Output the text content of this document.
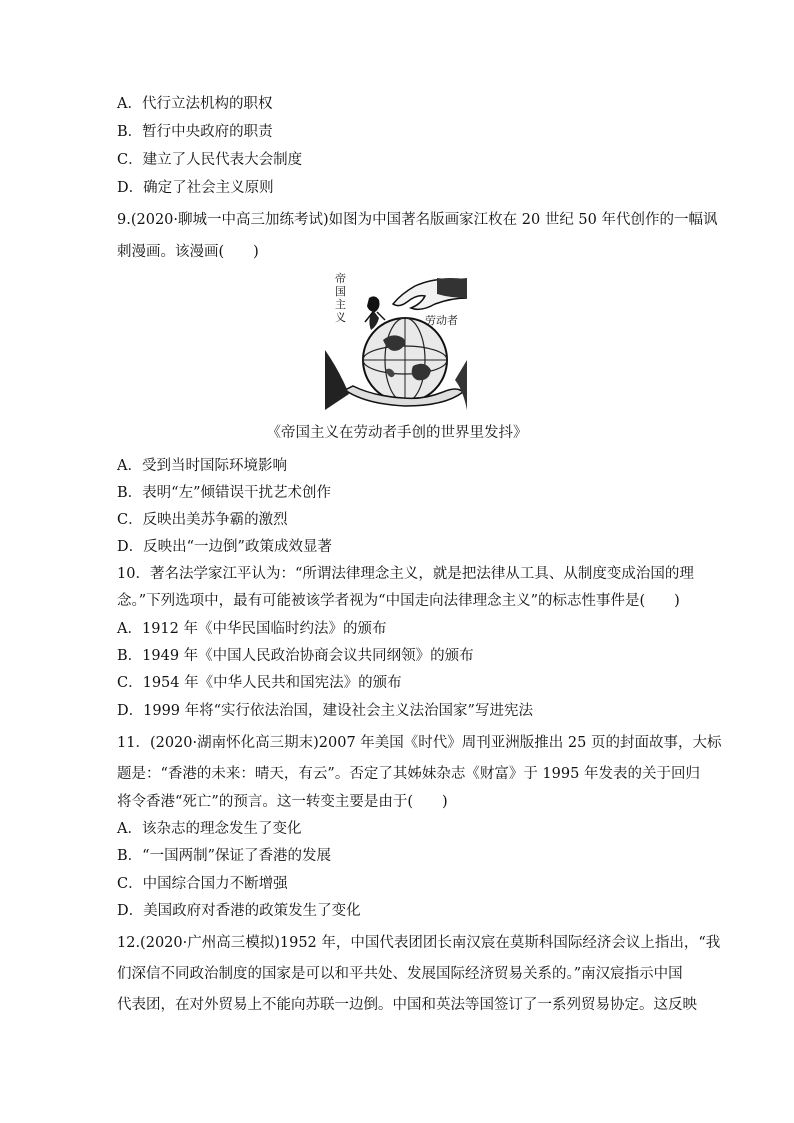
A．代行立法机构的职权
B．暂行中央政府的职责
C．建立了人民代表大会制度
D．确定了社会主义原则
9.(2020·聊城一中高三加练考试)如图为中国著名版画家江枚在 20 世纪 50 年代创作的一幅讽
刺漫画。该漫画(　　)
帝
国
主
义	劳动者
《帝国主义在劳动者手创的世界里发抖》
A．受到当时国际环境影响
B．表明“左”倾错误干扰艺术创作
C．反映出美苏争霸的激烈
D．反映出“一边倒”政策成效显著
10．著名法学家江平认为：“所谓法律理念主义，就是把法律从工具、从制度变成治国的理
念。”下列选项中，最有可能被该学者视为“中国走向法律理念主义”的标志性事件是(　　)
A．1912 年《中华民国临时约法》的颁布
B．1949 年《中国人民政治协商会议共同纲领》的颁布
C．1954 年《中华人民共和国宪法》的颁布
D．1999 年将“实行依法治国，建设社会主义法治国家”写进宪法
11．(2020·湖南怀化高三期末)2007 年美国《时代》周刊亚洲版推出 25 页的封面故事，大标
题是：“香港的未来：晴天，有云”。否定了其姊妹杂志《财富》于 1995 年发表的关于回归
将令香港“死亡”的预言。这一转变主要是由于(　　)
A．该杂志的理念发生了变化
B．“一国两制”保证了香港的发展
C．中国综合国力不断增强
D．美国政府对香港的政策发生了变化
12.(2020·广州高三模拟)1952 年，中国代表团团长南汉宸在莫斯科国际经济会议上指出，“我
们深信不同政治制度的国家是可以和平共处、发展国际经济贸易关系的。”南汉宸指示中国
代表团，在对外贸易上不能向苏联一边倒。中国和英法等国签订了一系列贸易协定。这反映
